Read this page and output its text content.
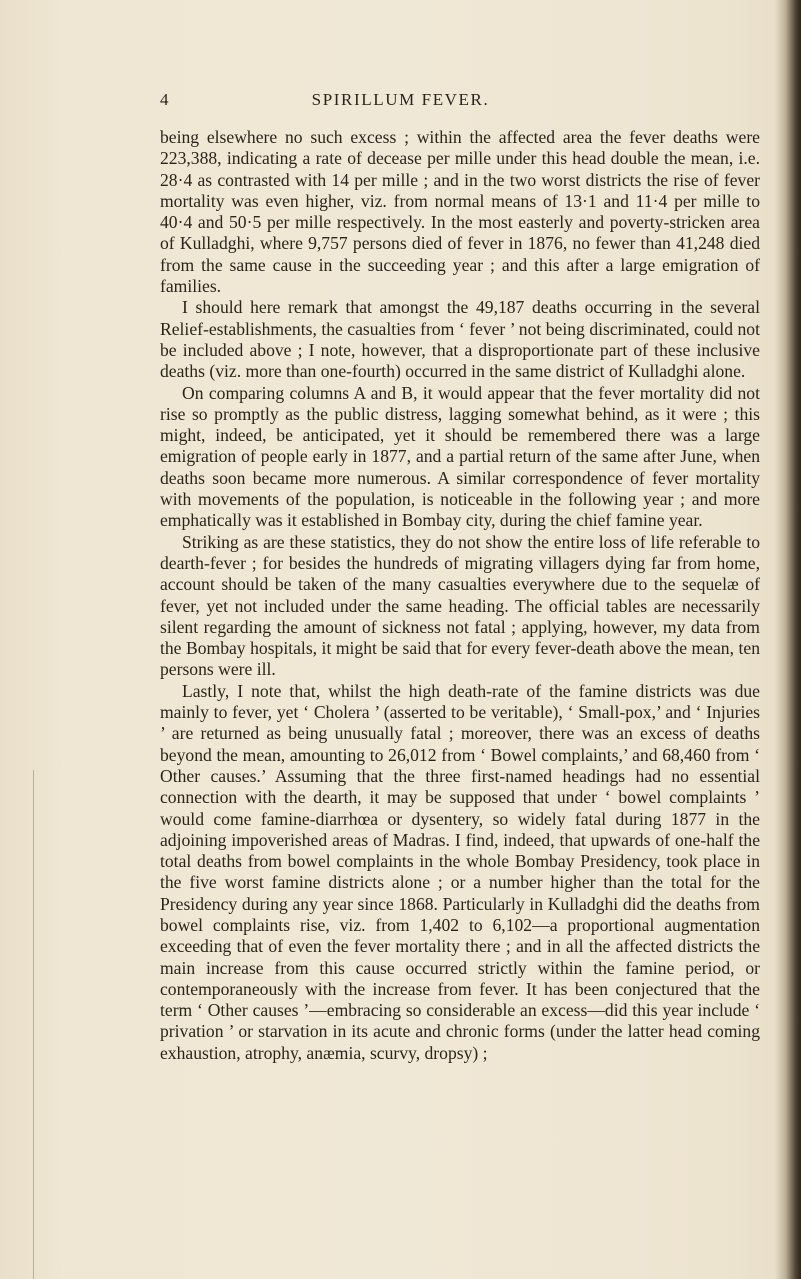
4	SPIRILLUM FEVER.

being elsewhere no such excess ; within the affected area the fever deaths were 223,388, indicating a rate of decease per mille under this head double the mean, i.e. 28·4 as contrasted with 14 per mille ; and in the two worst districts the rise of fever mortality was even higher, viz. from normal means of 13·1 and 11·4 per mille to 40·4 and 50·5 per mille respectively. In the most easterly and poverty-stricken area of Kulladghi, where 9,757 persons died of fever in 1876, no fewer than 41,248 died from the same cause in the succeeding year ; and this after a large emigration of families.

I should here remark that amongst the 49,187 deaths occurring in the several Relief-establishments, the casualties from ‘ fever ’ not being discriminated, could not be included above ; I note, however, that a disproportionate part of these inclusive deaths (viz. more than one-fourth) occurred in the same district of Kulladghi alone.

On comparing columns A and B, it would appear that the fever mortality did not rise so promptly as the public distress, lagging somewhat behind, as it were ; this might, indeed, be anticipated, yet it should be remembered there was a large emigration of people early in 1877, and a partial return of the same after June, when deaths soon became more numerous. A similar correspondence of fever mortality with movements of the population, is noticeable in the following year ; and more emphatically was it established in Bombay city, during the chief famine year.

Striking as are these statistics, they do not show the entire loss of life referable to dearth-fever ; for besides the hundreds of migrating villagers dying far from home, account should be taken of the many casualties everywhere due to the sequelæ of fever, yet not included under the same heading. The official tables are necessarily silent regarding the amount of sickness not fatal ; applying, however, my data from the Bombay hospitals, it might be said that for every fever-death above the mean, ten persons were ill.

Lastly, I note that, whilst the high death-rate of the famine districts was due mainly to fever, yet ‘ Cholera ’ (asserted to be veritable), ‘ Small-pox,’ and ‘ Injuries ’ are returned as being unusually fatal ; moreover, there was an excess of deaths beyond the mean, amounting to 26,012 from ‘ Bowel complaints,’ and 68,460 from ‘ Other causes.’ Assuming that the three first-named headings had no essential connection with the dearth, it may be supposed that under ‘ bowel complaints ’ would come famine-diarrhœa or dysentery, so widely fatal during 1877 in the adjoining impoverished areas of Madras. I find, indeed, that upwards of one-half the total deaths from bowel complaints in the whole Bombay Presidency, took place in the five worst famine districts alone ; or a number higher than the total for the Presidency during any year since 1868. Particularly in Kulladghi did the deaths from bowel complaints rise, viz. from 1,402 to 6,102—a proportional augmentation exceeding that of even the fever mortality there ; and in all the affected districts the main increase from this cause occurred strictly within the famine period, or contemporaneously with the increase from fever. It has been conjectured that the term ‘ Other causes ’—embracing so considerable an excess—did this year include ‘ privation ’ or starvation in its acute and chronic forms (under the latter head coming exhaustion, atrophy, anæmia, scurvy, dropsy) ;
